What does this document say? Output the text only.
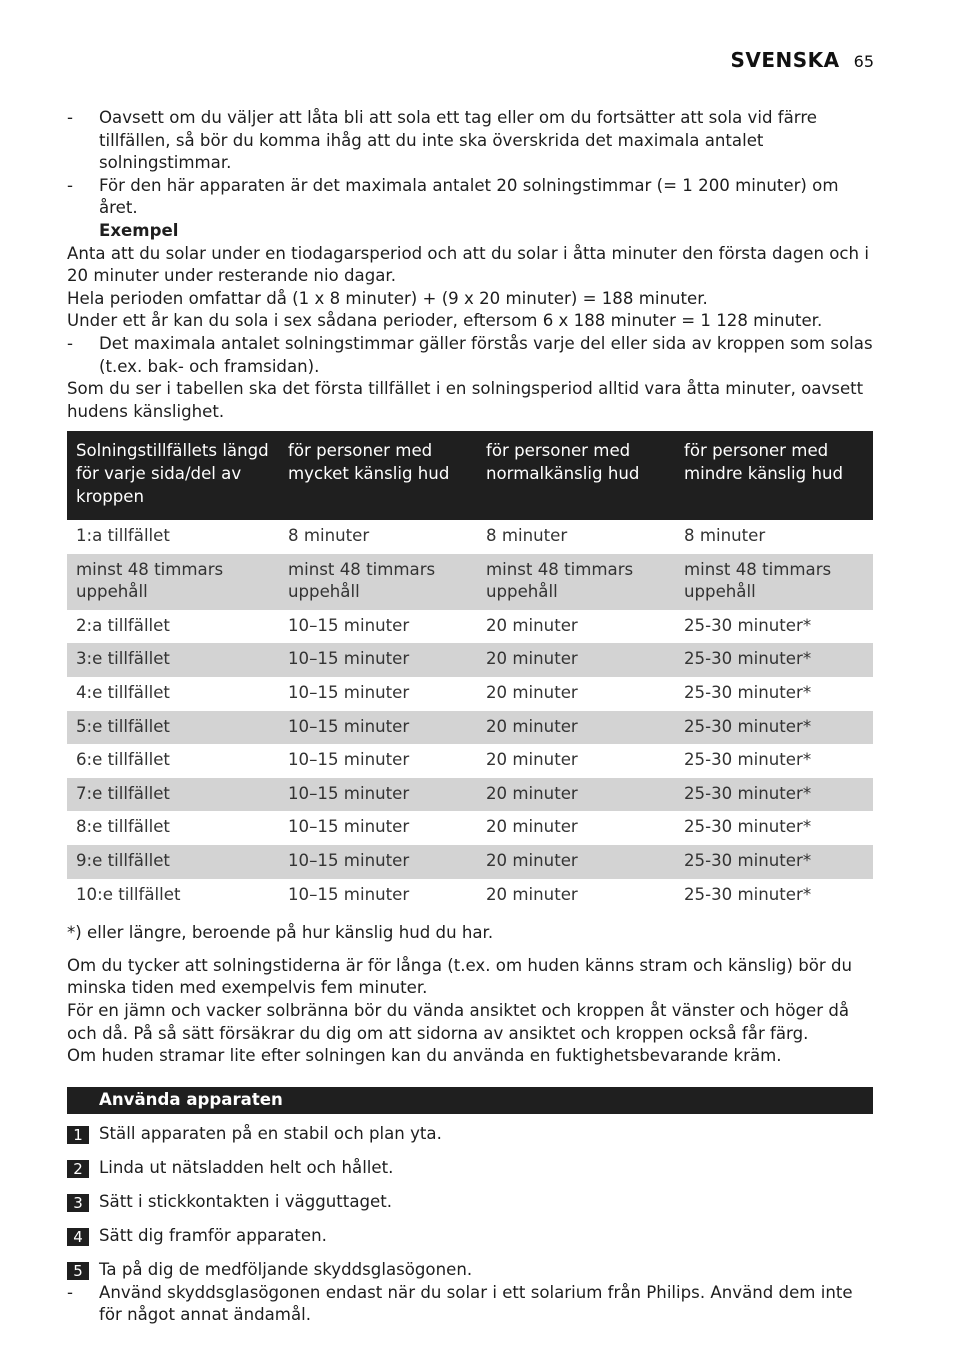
SVENSKA 65
- Oavsett om du väljer att låta bli att sola ett tag eller om du fortsätter att sola vid färre tillfällen, så bör du komma ihåg att du inte ska överskrida det maximala antalet solningstimmar.
- För den här apparaten är det maximala antalet 20 solningstimmar (= 1 200 minuter) om året.
Exempel

Anta att du solar under en tiodagarsperiod och att du solar i åtta minuter den första dagen och i 20 minuter under resterande nio dagar.

Hela perioden omfattar då (1 x 8 minuter) + (9 x 20 minuter) = 188 minuter.

Under ett år kan du sola i sex sådana perioder, eftersom 6 x 188 minuter = 1 128 minuter.

- Det maximala antalet solningstimmar gäller förstås varje del eller sida av kroppen som solas (t.ex. bak- och framsidan).

Som du ser i tabellen ska det första tillfället i en solningsperiod alltid vara åtta minuter, oavsett hudens känslighet.

Solningstillfällets längd för varje sida/del av kroppen	för personer med mycket känslig hud	för personer med normalkänslig hud	för personer med mindre känslig hud
1:a tillfället	8 minuter	8 minuter	8 minuter
minst 48 timmars uppehåll	minst 48 timmars uppehåll	minst 48 timmars uppehåll	minst 48 timmars uppehåll
2:a tillfället	10–15 minuter	20 minuter	25-30 minuter*
3:e tillfället	10–15 minuter	20 minuter	25-30 minuter*
4:e tillfället	10–15 minuter	20 minuter	25-30 minuter*
5:e tillfället	10–15 minuter	20 minuter	25-30 minuter*
6:e tillfället	10–15 minuter	20 minuter	25-30 minuter*
7:e tillfället	10–15 minuter	20 minuter	25-30 minuter*
8:e tillfället	10–15 minuter	20 minuter	25-30 minuter*
9:e tillfället	10–15 minuter	20 minuter	25-30 minuter*
10:e tillfället	10–15 minuter	20 minuter	25-30 minuter*
*) eller längre, beroende på hur känslig hud du har.

Om du tycker att solningstiderna är för långa (t.ex. om huden känns stram och känslig) bör du minska tiden med exempelvis fem minuter.

För en jämn och vacker solbränna bör du vända ansiktet och kroppen åt vänster och höger då och då. På så sätt försäkrar du dig om att sidorna av ansiktet och kroppen också får färg.

Om huden stramar lite efter solningen kan du använda en fuktighetsbevarande kräm.

Använda apparaten
1 Ställ apparaten på en stabil och plan yta.
2 Linda ut nätsladden helt och hållet.
3 Sätt i stickkontakten i vägguttaget.
4 Sätt dig framför apparaten.
5 Ta på dig de medföljande skyddsglasögonen.
- Använd skyddsglasögonen endast när du solar i ett solarium från Philips. Använd dem inte för något annat ändamål.
